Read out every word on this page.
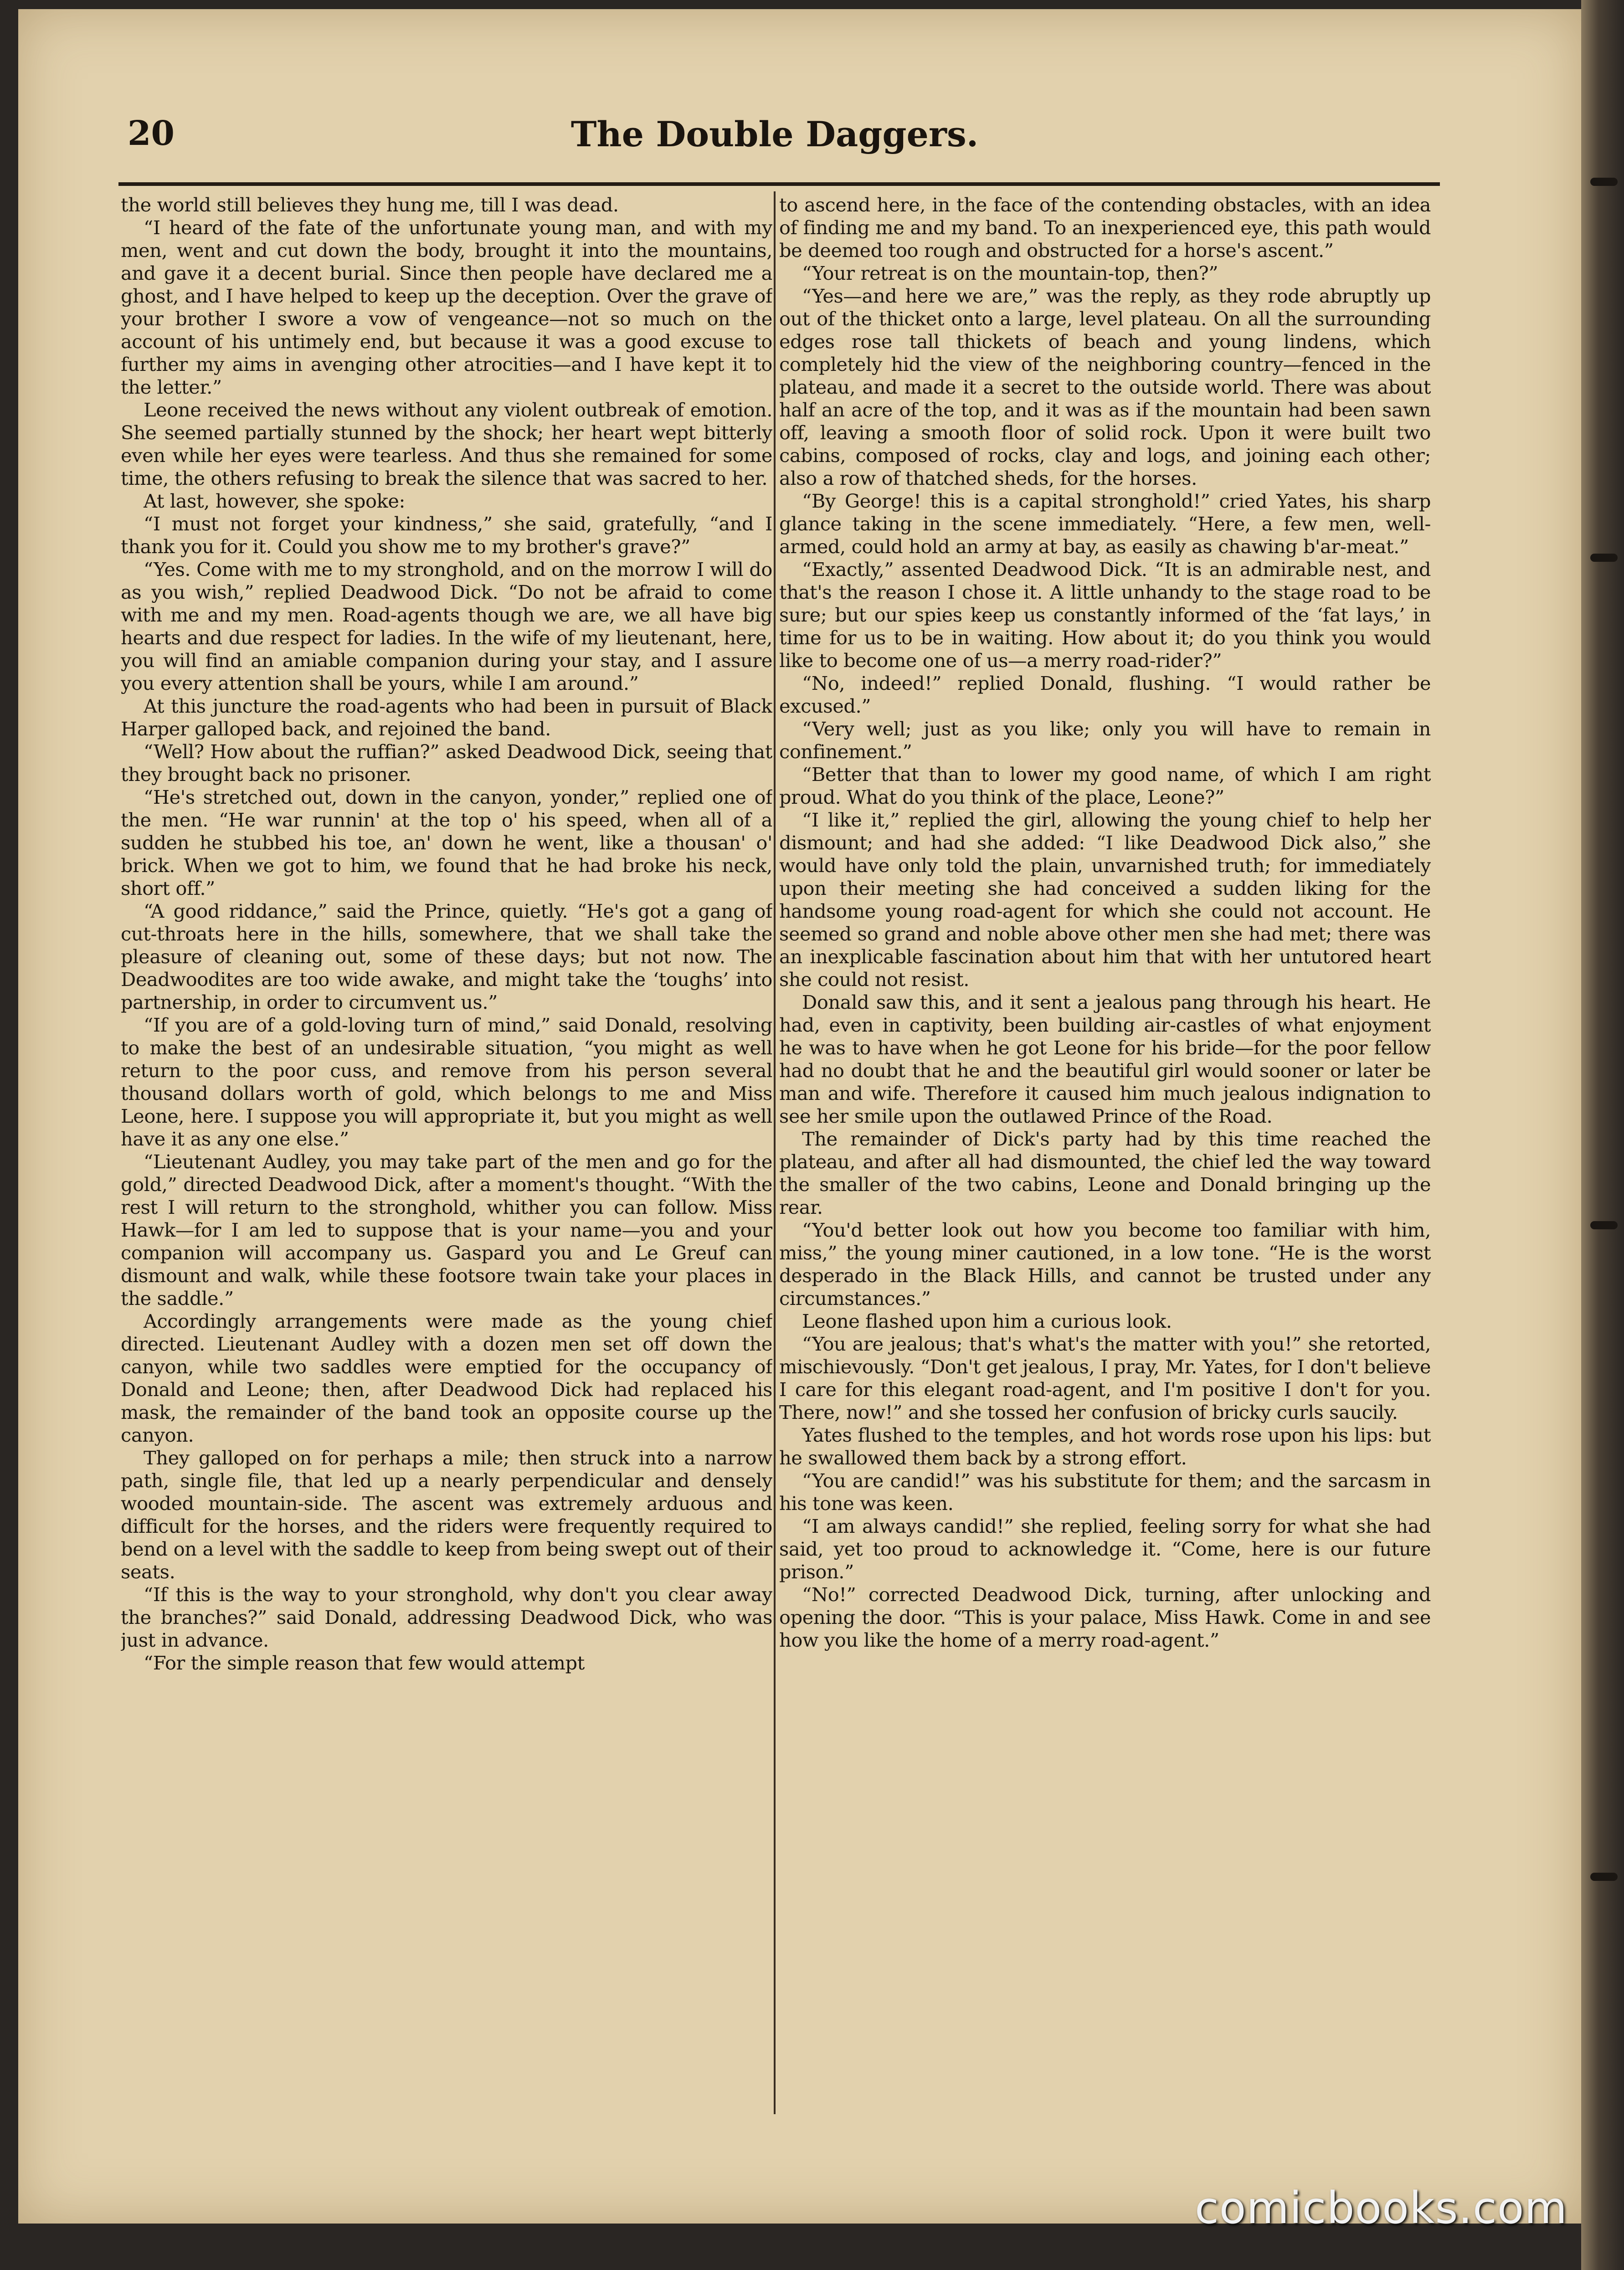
20	The Double Daggers.

the world still believes they hung me, till I was dead.

“I heard of the fate of the unfortunate young man, and with my men, went and cut down the body, brought it into the mountains, and gave it a decent burial. Since then people have declared me a ghost, and I have helped to keep up the deception. Over the grave of your brother I swore a vow of vengeance—not so much on the account of his untimely end, but because it was a good excuse to further my aims in avenging other atrocities—and I have kept it to the letter.”

Leone received the news without any violent outbreak of emotion. She seemed partially stunned by the shock; her heart wept bitterly even while her eyes were tearless. And thus she remained for some time, the others refusing to break the silence that was sacred to her.

At last, however, she spoke:

“I must not forget your kindness,” she said, gratefully, “and I thank you for it. Could you show me to my brother's grave?”

“Yes. Come with me to my stronghold, and on the morrow I will do as you wish,” replied Deadwood Dick. “Do not be afraid to come with me and my men. Road-agents though we are, we all have big hearts and due respect for ladies. In the wife of my lieutenant, here, you will find an amiable companion during your stay, and I assure you every attention shall be yours, while I am around.”

At this juncture the road-agents who had been in pursuit of Black Harper galloped back, and rejoined the band.

“Well? How about the ruffian?” asked Deadwood Dick, seeing that they brought back no prisoner.

“He's stretched out, down in the canyon, yonder,” replied one of the men. “He war runnin' at the top o' his speed, when all of a sudden he stubbed his toe, an' down he went, like a thousan' o' brick. When we got to him, we found that he had broke his neck, short off.”

“A good riddance,” said the Prince, quietly. “He's got a gang of cut-throats here in the hills, somewhere, that we shall take the pleasure of cleaning out, some of these days; but not now. The Deadwoodites are too wide awake, and might take the ‘toughs’ into partnership, in order to circumvent us.”

“If you are of a gold-loving turn of mind,” said Donald, resolving to make the best of an undesirable situation, “you might as well return to the poor cuss, and remove from his person several thousand dollars worth of gold, which belongs to me and Miss Leone, here. I suppose you will appropriate it, but you might as well have it as any one else.”

“Lieutenant Audley, you may take part of the men and go for the gold,” directed Deadwood Dick, after a moment's thought. “With the rest I will return to the stronghold, whither you can follow. Miss Hawk—for I am led to suppose that is your name—you and your companion will accompany us. Gaspard you and Le Greuf can dismount and walk, while these footsore twain take your places in the saddle.”

Accordingly arrangements were made as the young chief directed. Lieutenant Audley with a dozen men set off down the canyon, while two saddles were emptied for the occupancy of Donald and Leone; then, after Deadwood Dick had replaced his mask, the remainder of the band took an opposite course up the canyon.

They galloped on for perhaps a mile; then struck into a narrow path, single file, that led up a nearly perpendicular and densely wooded mountain-side. The ascent was extremely arduous and difficult for the horses, and the riders were frequently required to bend on a level with the saddle to keep from being swept out of their seats.

“If this is the way to your stronghold, why don't you clear away the branches?” said Donald, addressing Deadwood Dick, who was just in advance.

“For the simple reason that few would attempt

to ascend here, in the face of the contending obstacles, with an idea of finding me and my band. To an inexperienced eye, this path would be deemed too rough and obstructed for a horse's ascent.”

“Your retreat is on the mountain-top, then?”

“Yes—and here we are,” was the reply, as they rode abruptly up out of the thicket onto a large, level plateau. On all the surrounding edges rose tall thickets of beach and young lindens, which completely hid the view of the neighboring country—fenced in the plateau, and made it a secret to the outside world. There was about half an acre of the top, and it was as if the mountain had been sawn off, leaving a smooth floor of solid rock. Upon it were built two cabins, composed of rocks, clay and logs, and joining each other; also a row of thatched sheds, for the horses.

“By George! this is a capital stronghold!” cried Yates, his sharp glance taking in the scene immediately. “Here, a few men, well-armed, could hold an army at bay, as easily as chawing b'ar-meat.”

“Exactly,” assented Deadwood Dick. “It is an admirable nest, and that's the reason I chose it. A little unhandy to the stage road to be sure; but our spies keep us constantly informed of the ‘fat lays,’ in time for us to be in waiting. How about it; do you think you would like to become one of us—a merry road-rider?”

“No, indeed!” replied Donald, flushing. “I would rather be excused.”

“Very well; just as you like; only you will have to remain in confinement.”

“Better that than to lower my good name, of which I am right proud. What do you think of the place, Leone?”

“I like it,” replied the girl, allowing the young chief to help her dismount; and had she added: “I like Deadwood Dick also,” she would have only told the plain, unvarnished truth; for immediately upon their meeting she had conceived a sudden liking for the handsome young road-agent for which she could not account. He seemed so grand and noble above other men she had met; there was an inexplicable fascination about him that with her untutored heart she could not resist.

Donald saw this, and it sent a jealous pang through his heart. He had, even in captivity, been building air-castles of what enjoyment he was to have when he got Leone for his bride—for the poor fellow had no doubt that he and the beautiful girl would sooner or later be man and wife. Therefore it caused him much jealous indignation to see her smile upon the outlawed Prince of the Road.

The remainder of Dick's party had by this time reached the plateau, and after all had dismounted, the chief led the way toward the smaller of the two cabins, Leone and Donald bringing up the rear.

“You'd better look out how you become too familiar with him, miss,” the young miner cautioned, in a low tone. “He is the worst desperado in the Black Hills, and cannot be trusted under any circumstances.”

Leone flashed upon him a curious look.

“You are jealous; that's what's the matter with you!” she retorted, mischievously. “Don't get jealous, I pray, Mr. Yates, for I don't believe I care for this elegant road-agent, and I'm positive I don't for you. There, now!” and she tossed her confusion of bricky curls saucily.

Yates flushed to the temples, and hot words rose upon his lips: but he swallowed them back by a strong effort.

“You are candid!” was his substitute for them; and the sarcasm in his tone was keen.

“I am always candid!” she replied, feeling sorry for what she had said, yet too proud to acknowledge it. “Come, here is our future prison.”

“No!” corrected Deadwood Dick, turning, after unlocking and opening the door. “This is your palace, Miss Hawk. Come in and see how you like the home of a merry road-agent.”

comicbooks.com
